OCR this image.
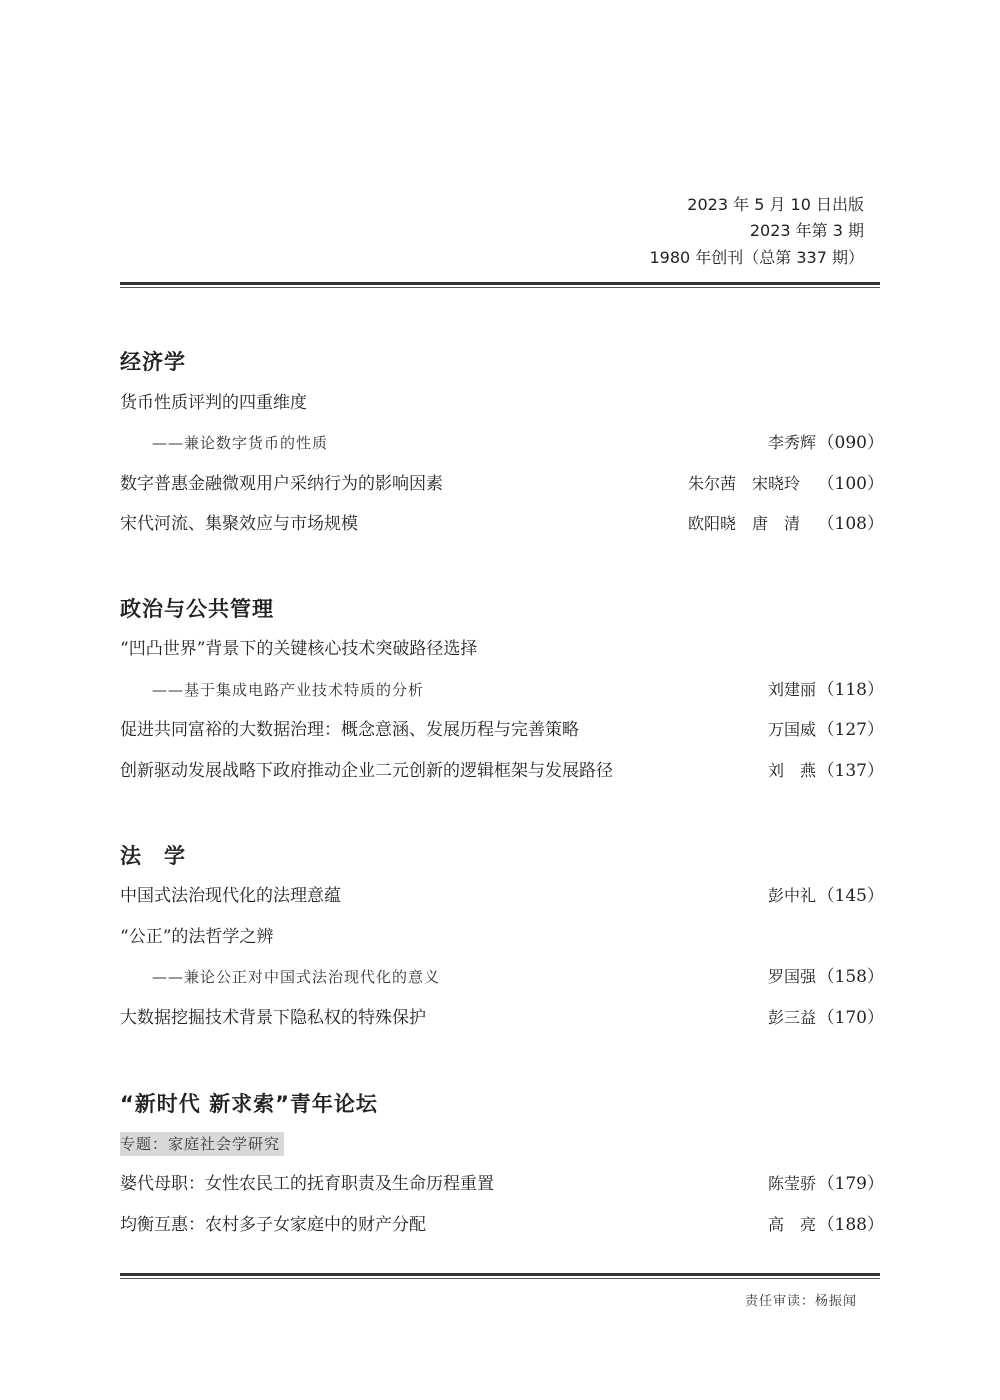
2023 年 5 月 10 日出版
2023 年第 3 期
1980 年创刊（总第 337 期）
经济学
货币性质评判的四重维度
——兼论数字货币的性质	李秀辉 （090）
数字普惠金融微观用户采纳行为的影响因素	朱尔茜　宋晓玲 （100）
宋代河流、集聚效应与市场规模	欧阳晓　唐　清 （108）
政治与公共管理
“凹凸世界”背景下的关键核心技术突破路径选择
——基于集成电路产业技术特质的分析	刘建丽 （118）
促进共同富裕的大数据治理：概念意涵、发展历程与完善策略	万国威 （127）
创新驱动发展战略下政府推动企业二元创新的逻辑框架与发展路径	刘　燕 （137）
法　学
中国式法治现代化的法理意蕴	彭中礼 （145）
“公正”的法哲学之辨
——兼论公正对中国式法治现代化的意义	罗国强 （158）
大数据挖掘技术背景下隐私权的特殊保护	彭三益 （170）
“新时代 新求索”青年论坛
专题：家庭社会学研究
婆代母职：女性农民工的抚育职责及生命历程重置	陈莹骄 （179）
均衡互惠：农村多子女家庭中的财产分配	高　亮 （188）
责任审读：杨振闻
